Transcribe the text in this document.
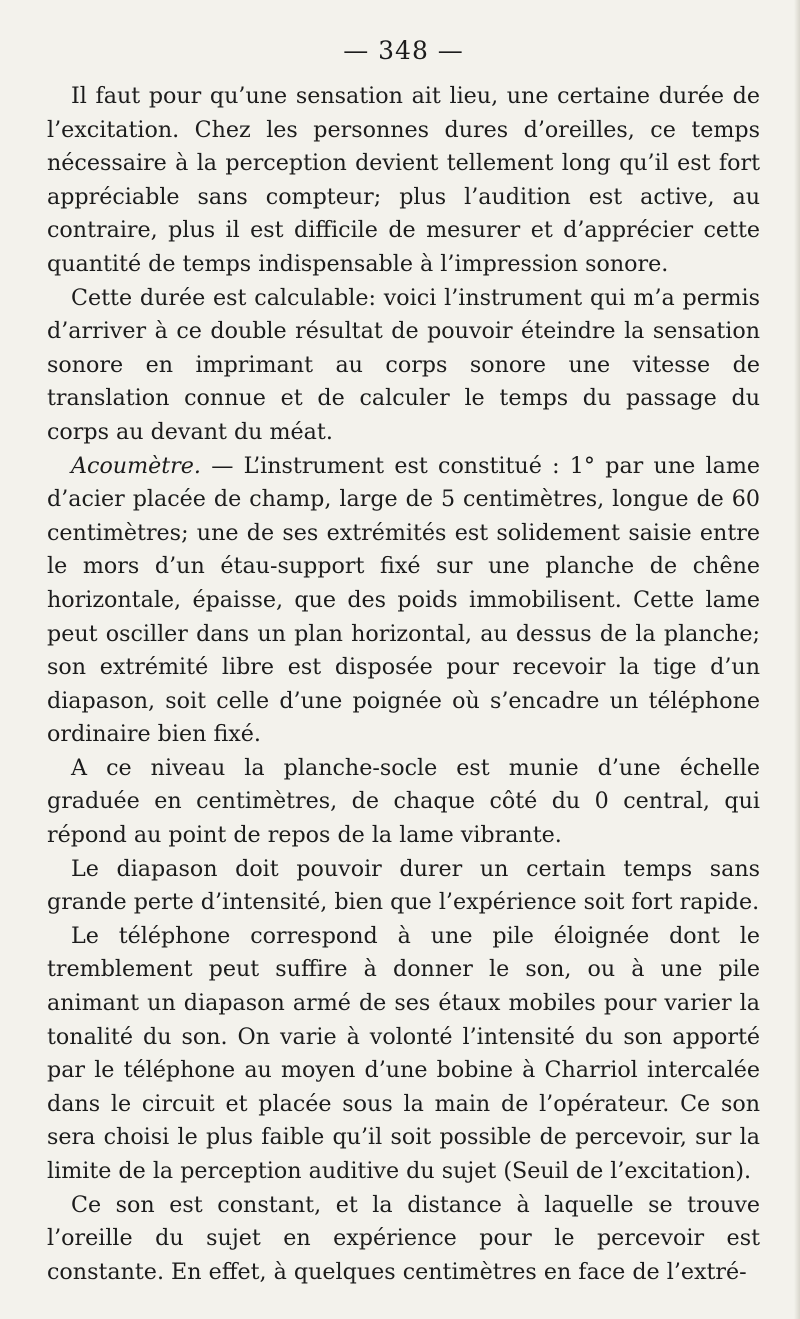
— 348 —

Il faut pour qu’une sensation ait lieu, une certaine durée de l’excitation. Chez les personnes dures d’oreilles, ce temps nécessaire à la perception devient tellement long qu’il est fort appréciable sans compteur; plus l’audition est active, au contraire, plus il est difficile de mesurer et d’apprécier cette quantité de temps indispensable à l’impression sonore.

Cette durée est calculable: voici l’instrument qui m’a permis d’arriver à ce double résultat de pouvoir éteindre la sensation sonore en imprimant au corps sonore une vitesse de translation connue et de calculer le temps du passage du corps au devant du méat.

Acoumètre. — L’instrument est constitué : 1° par une lame d’acier placée de champ, large de 5 centimètres, longue de 60 centimètres; une de ses extrémités est solidement saisie entre le mors d’un étau-support fixé sur une planche de chêne horizontale, épaisse, que des poids immobilisent. Cette lame peut osciller dans un plan horizontal, au dessus de la planche; son extrémité libre est disposée pour recevoir la tige d’un diapason, soit celle d’une poignée où s’encadre un téléphone ordinaire bien fixé.

A ce niveau la planche-socle est munie d’une échelle graduée en centimètres, de chaque côté du 0 central, qui répond au point de repos de la lame vibrante.

Le diapason doit pouvoir durer un certain temps sans grande perte d’intensité, bien que l’expérience soit fort rapide.

Le téléphone correspond à une pile éloignée dont le tremblement peut suffire à donner le son, ou à une pile animant un diapason armé de ses étaux mobiles pour varier la tonalité du son. On varie à volonté l’intensité du son apporté par le téléphone au moyen d’une bobine à Charriol intercalée dans le circuit et placée sous la main de l’opérateur. Ce son sera choisi le plus faible qu’il soit possible de percevoir, sur la limite de la perception auditive du sujet (Seuil de l’excitation).

Ce son est constant, et la distance à laquelle se trouve l’oreille du sujet en expérience pour le percevoir est constante. En effet, à quelques centimètres en face de l’extré-
